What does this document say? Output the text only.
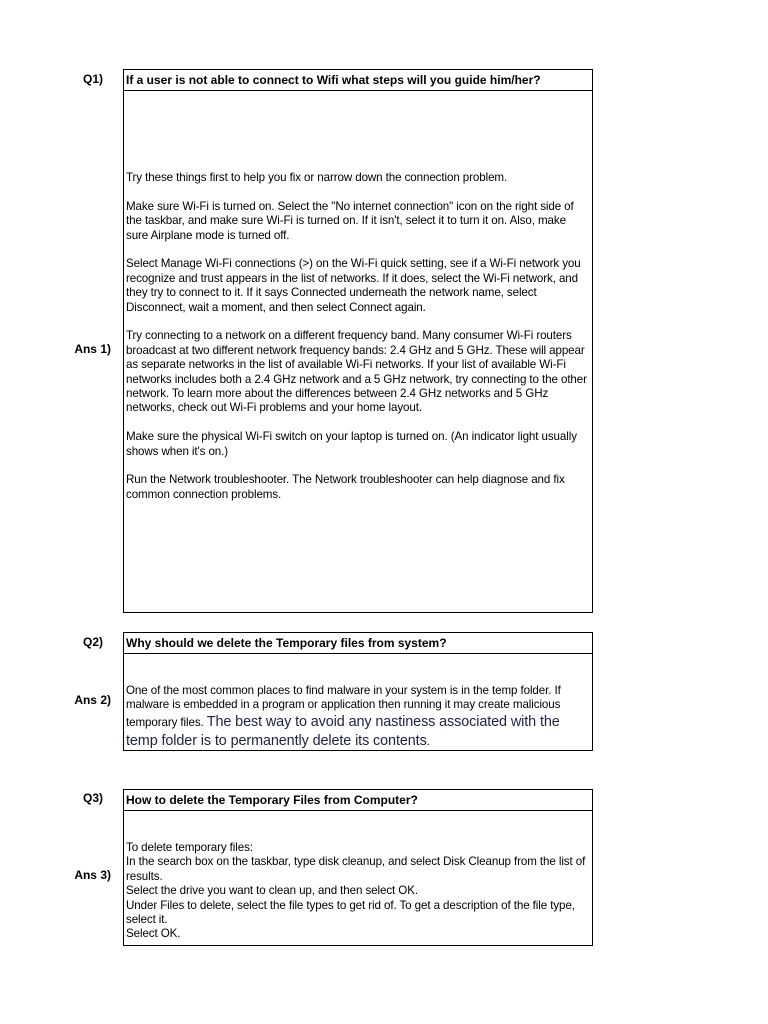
Q1) If a user is not able to connect to Wifi what steps will you guide him/her?

Try these things first to help you fix or narrow down the connection problem.

Make sure Wi-Fi is turned on. Select the "No internet connection" icon on the right side of the taskbar, and make sure Wi-Fi is turned on. If it isn't, select it to turn it on. Also, make sure Airplane mode is turned off.

Select Manage Wi-Fi connections (>) on the Wi-Fi quick setting, see if a Wi-Fi network you recognize and trust appears in the list of networks. If it does, select the Wi-Fi network, and they try to connect to it. If it says Connected underneath the network name, select Disconnect, wait a moment, and then select Connect again.

Try connecting to a network on a different frequency band. Many consumer Wi-Fi routers broadcast at two different network frequency bands: 2.4 GHz and 5 GHz. These will appear as separate networks in the list of available Wi-Fi networks. If your list of available Wi-Fi networks includes both a 2.4 GHz network and a 5 GHz network, try connecting to the other network. To learn more about the differences between 2.4 GHz networks and 5 GHz networks, check out Wi-Fi problems and your home layout.

Make sure the physical Wi-Fi switch on your laptop is turned on. (An indicator light usually shows when it's on.)

Run the Network troubleshooter. The Network troubleshooter can help diagnose and fix common connection problems.

Ans 1)
Q2) Why should we delete the Temporary files from system?
One of the most common places to find malware in your system is in the temp folder. If malware is embedded in a program or application then running it may create malicious temporary files. The best way to avoid any nastiness associated with the temp folder is to permanently delete its contents.
Ans 2)
Q3) How to delete the Temporary Files from Computer?
To delete temporary files:
In the search box on the taskbar, type disk cleanup, and select Disk Cleanup from the list of results.
Select the drive you want to clean up, and then select OK.
Under Files to delete, select the file types to get rid of. To get a description of the file type, select it.
Select OK.
Ans 3)
